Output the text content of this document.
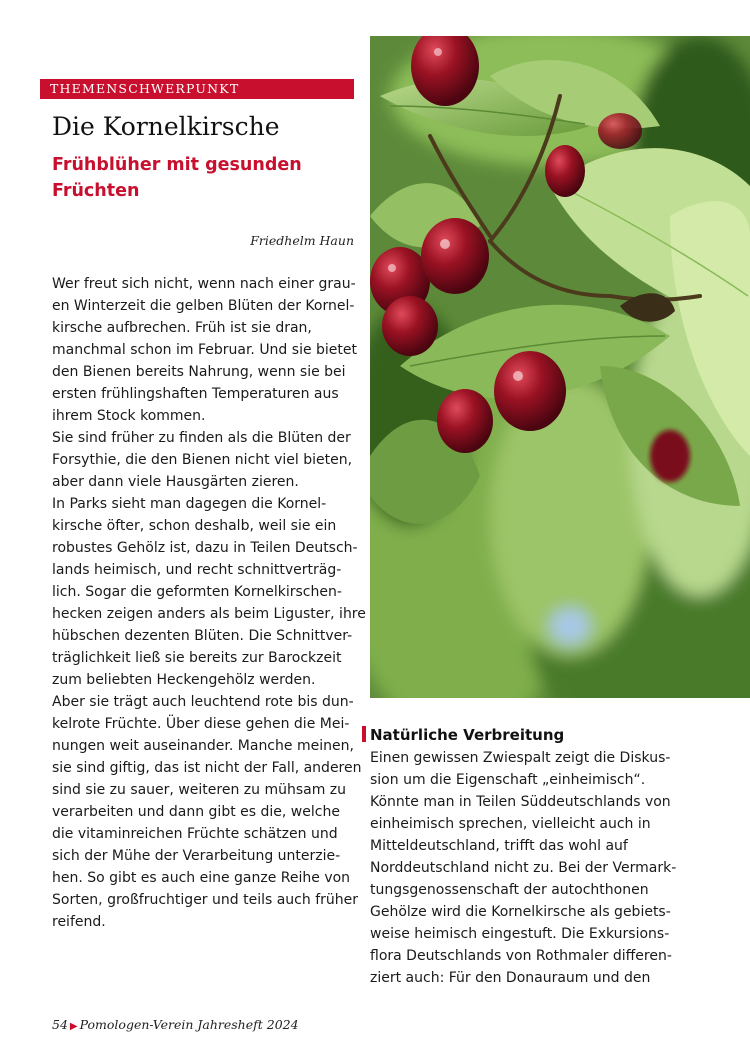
THEMENSCHWERPUNKT
Die Kornelkirsche
Frühblüher mit gesunden
Früchten
Friedhelm Haun
Wer freut sich nicht, wenn nach einer grau-
en Winterzeit die gelben Blüten der Kornel-
kirsche aufbrechen. Früh ist sie dran,
manchmal schon im Februar. Und sie bietet
den Bienen bereits Nahrung, wenn sie bei
ersten frühlingshaften Temperaturen aus
ihrem Stock kommen.
Sie sind früher zu finden als die Blüten der
Forsythie, die den Bienen nicht viel bieten,
aber dann viele Hausgärten zieren.
In Parks sieht man dagegen die Kornel-
kirsche öfter, schon deshalb, weil sie ein
robustes Gehölz ist, dazu in Teilen Deutsch-
lands heimisch, und recht schnittverträg-
lich. Sogar die geformten Kornelkirschen-
hecken zeigen anders als beim Liguster, ihre
hübschen dezenten Blüten. Die Schnittver-
träglichkeit ließ sie bereits zur Barockzeit
zum beliebten Heckengehölz werden.
Aber sie trägt auch leuchtend rote bis dun-
kelrote Früchte. Über diese gehen die Mei-
nungen weit auseinander. Manche meinen,
sie sind giftig, das ist nicht der Fall, anderen
sind sie zu sauer, weiteren zu mühsam zu
verarbeiten und dann gibt es die, welche
die vitaminreichen Früchte schätzen und
sich der Mühe der Verarbeitung unterzie-
hen. So gibt es auch eine ganze Reihe von
Sorten, großfruchtiger und teils auch früher
reifend.
Natürliche Verbreitung
Einen gewissen Zwiespalt zeigt die Diskus-
sion um die Eigenschaft „einheimisch“.
Könnte man in Teilen Süddeutschlands von
einheimisch sprechen, vielleicht auch in
Mitteldeutschland, trifft das wohl auf
Norddeutschland nicht zu. Bei der Vermark-
tungsgenossenschaft der autochthonen
Gehölze wird die Kornelkirsche als gebiets-
weise heimisch eingestuft. Die Exkursions-
flora Deutschlands von Rothmaler differen-
ziert auch: Für den Donauraum und den
54 ▶ Pomologen-Verein Jahresheft 2024
